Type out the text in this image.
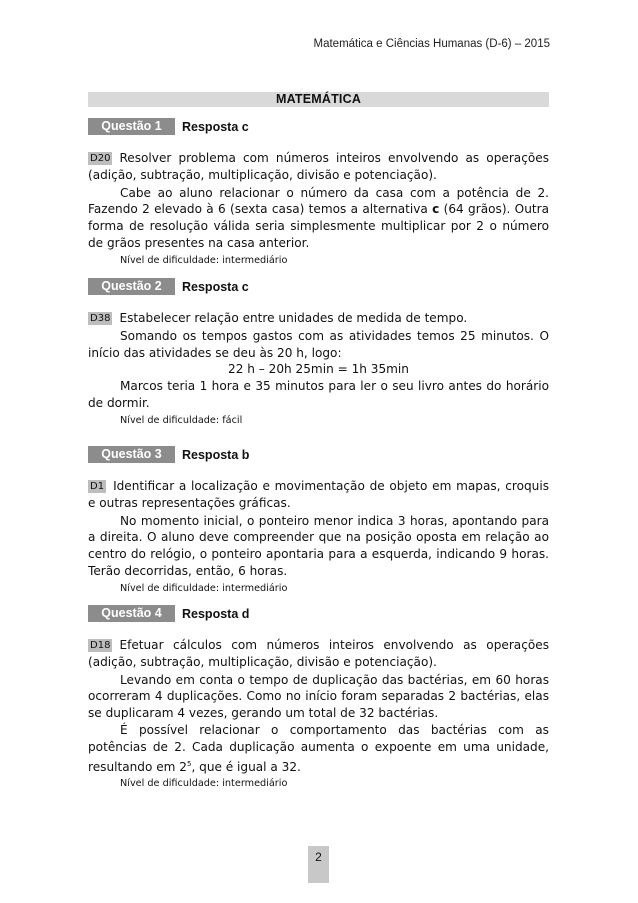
Matemática e Ciências Humanas (D-6) – 2015
MATEMÁTICA
Questão 1	Resposta c

D20 Resolver problema com números inteiros envolvendo as operações (adição, subtração, multiplicação, divisão e potenciação).

Cabe ao aluno relacionar o número da casa com a potência de 2. Fazendo 2 elevado à 6 (sexta casa) temos a alternativa c (64 grãos). Outra forma de resolução válida seria simplesmente multiplicar por 2 o número de grãos presentes na casa anterior.

Nível de dificuldade: intermediário
Questão 2	Resposta c

D38 Estabelecer relação entre unidades de medida de tempo.

Somando os tempos gastos com as atividades temos 25 minutos. O início das atividades se deu às 20 h, logo:

22 h – 20h 25min = 1h 35min

Marcos teria 1 hora e 35 minutos para ler o seu livro antes do horário de dormir.

Nível de dificuldade: fácil
Questão 3	Resposta b

D1 Identificar a localização e movimentação de objeto em mapas, croquis e outras representações gráficas.

No momento inicial, o ponteiro menor indica 3 horas, apontando para a direita. O aluno deve compreender que na posição oposta em relação ao centro do relógio, o ponteiro apontaria para a esquerda, indicando 9 horas. Terão decorridas, então, 6 horas.

Nível de dificuldade: intermediário
Questão 4	Resposta d

D18 Efetuar cálculos com números inteiros envolvendo as operações (adição, subtração, multiplicação, divisão e potenciação).

Levando em conta o tempo de duplicação das bactérias, em 60 horas ocorreram 4 duplicações. Como no início foram separadas 2 bactérias, elas se duplicaram 4 vezes, gerando um total de 32 bactérias.

É possível relacionar o comportamento das bactérias com as potências de 2. Cada duplicação aumenta o expoente em uma unidade, resultando em $2^5$, que é igual a 32.

Nível de dificuldade: intermediário
2
